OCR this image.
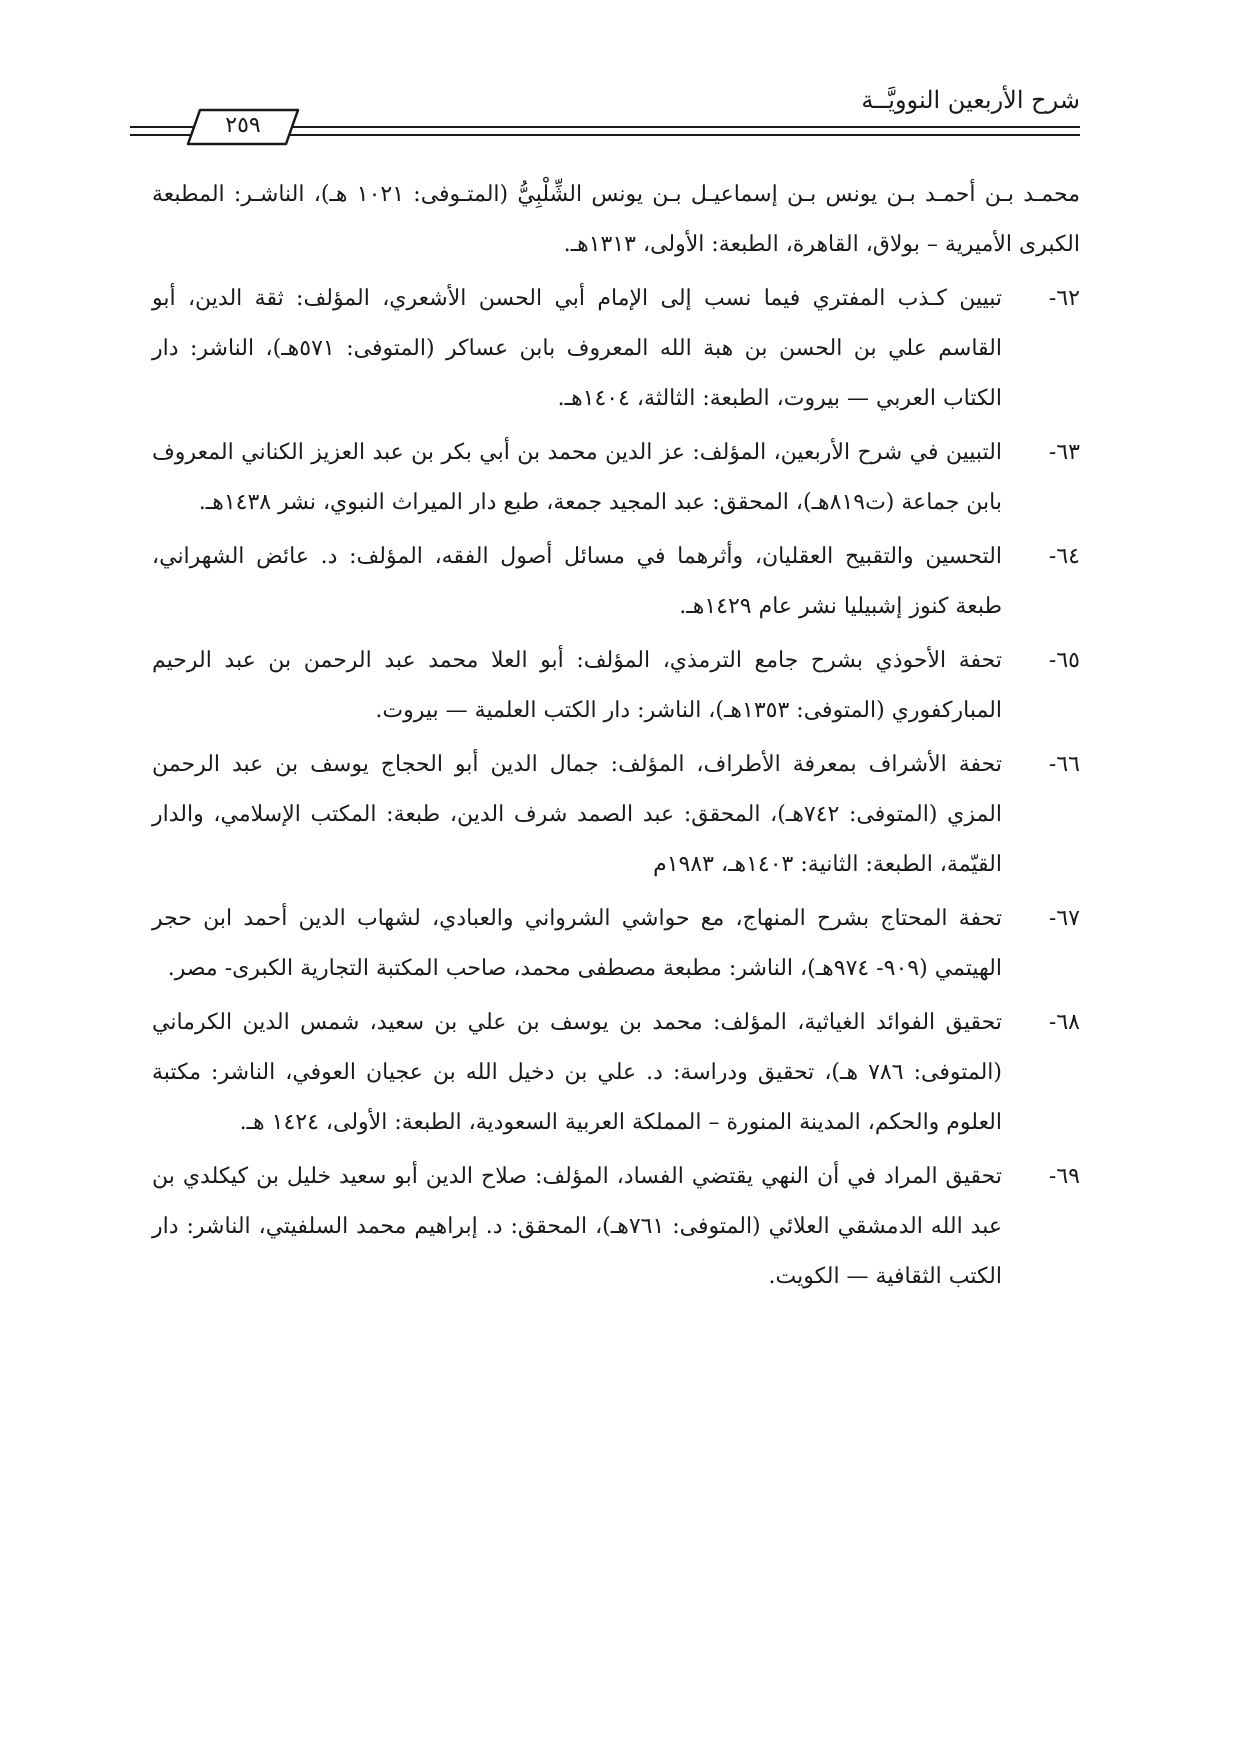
شرح الأربعين النوويَّــة
٢٥٩

محمـد بـن أحمـد بـن يونس بـن إسماعيـل بـن يونس الشِّلْبِيُّ (المتـوفى: ١٠٢١ هـ)، الناشـر: المطبعة الكبرى الأميرية – بولاق، القاهرة، الطبعة: الأولى، ١٣١٣هـ.

٦٢-
تبيين كـذب المفتري فيما نسب إلى الإمام أبي الحسن الأشعري، المؤلف: ثقة الدين، أبو القاسم علي بن الحسن بن هبة الله المعروف بابن عساكر (المتوفى: ٥٧١هـ)، الناشر: دار الكتاب العربي — بيروت، الطبعة: الثالثة، ١٤٠٤هـ.
٦٣-
التبيين في شرح الأربعين، المؤلف: عز الدين محمد بن أبي بكر بن عبد العزيز الكناني المعروف بابن جماعة (ت٨١٩هـ)، المحقق: عبد المجيد جمعة، طبع دار الميراث النبوي، نشر ١٤٣٨هـ.
٦٤-
التحسين والتقبيح العقليان، وأثرهما في مسائل أصول الفقه، المؤلف: د. عائض الشهراني، طبعة كنوز إشبيليا نشر عام ١٤٢٩هـ.
٦٥-
تحفة الأحوذي بشرح جامع الترمذي، المؤلف: أبو العلا محمد عبد الرحمن بن عبد الرحيم المباركفوري (المتوفى: ١٣٥٣هـ)، الناشر: دار الكتب العلمية — بيروت.
٦٦-
تحفة الأشراف بمعرفة الأطراف، المؤلف: جمال الدين أبو الحجاج يوسف بن عبد الرحمن المزي (المتوفى: ٧٤٢هـ)، المحقق: عبد الصمد شرف الدين، طبعة: المكتب الإسلامي، والدار القيّمة، الطبعة: الثانية: ١٤٠٣هـ، ١٩٨٣م
٦٧-
تحفة المحتاج بشرح المنهاج، مع حواشي الشرواني والعبادي، لشهاب الدين أحمد ابن حجر الهيتمي (٩٠٩- ٩٧٤هـ)، الناشر: مطبعة مصطفى محمد، صاحب المكتبة التجارية الكبرى- مصر.
٦٨-
تحقيق الفوائد الغياثية، المؤلف: محمد بن يوسف بن علي بن سعيد، شمس الدين الكرماني (المتوفى: ٧٨٦ هـ)، تحقيق ودراسة: د. علي بن دخيل الله بن عجيان العوفي، الناشر: مكتبة العلوم والحكم، المدينة المنورة – المملكة العربية السعودية، الطبعة: الأولى، ١٤٢٤ هـ.
٦٩-
تحقيق المراد في أن النهي يقتضي الفساد، المؤلف: صلاح الدين أبو سعيد خليل بن كيكلدي بن عبد الله الدمشقي العلائي (المتوفى: ٧٦١هـ)، المحقق: د. إبراهيم محمد السلفيتي، الناشر: دار الكتب الثقافية — الكويت.
